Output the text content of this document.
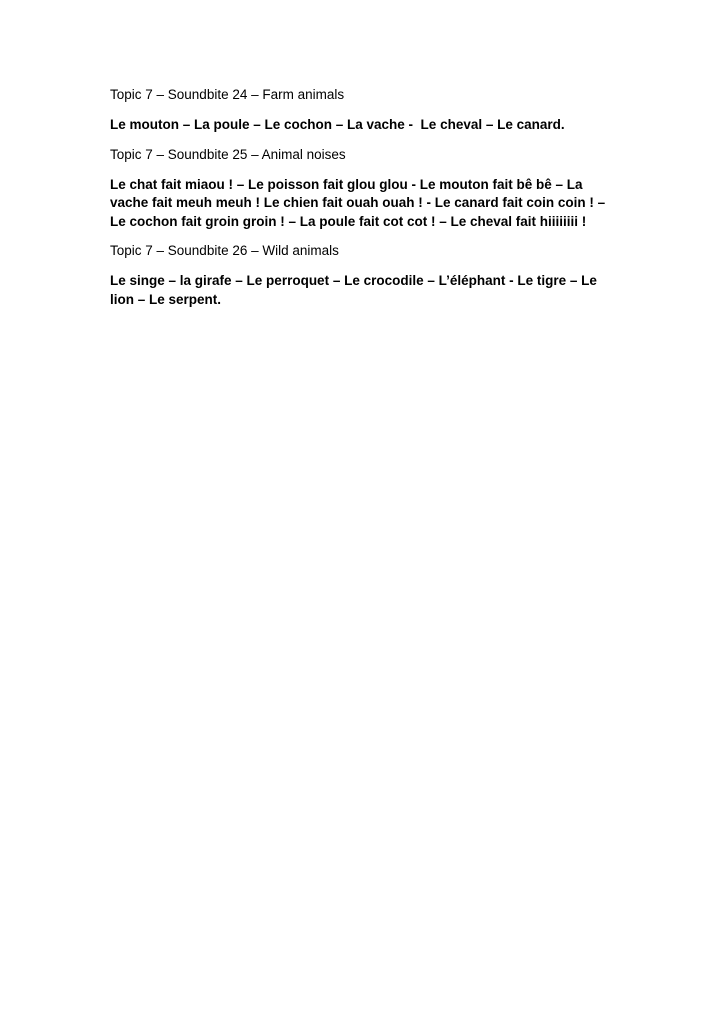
Topic 7 – Soundbite 24 – Farm animals

Le mouton – La poule – Le cochon – La vache -  Le cheval – Le canard.

Topic 7 – Soundbite 25 – Animal noises

Le chat fait miaou ! – Le poisson fait glou glou - Le mouton fait bê bê – La

vache fait meuh meuh ! Le chien fait ouah ouah ! - Le canard fait coin coin ! –

Le cochon fait groin groin ! – La poule fait cot cot ! – Le cheval fait hiiiiiiii !

Topic 7 – Soundbite 26 – Wild animals

Le singe – la girafe – Le perroquet – Le crocodile – L’éléphant - Le tigre – Le

lion – Le serpent.
